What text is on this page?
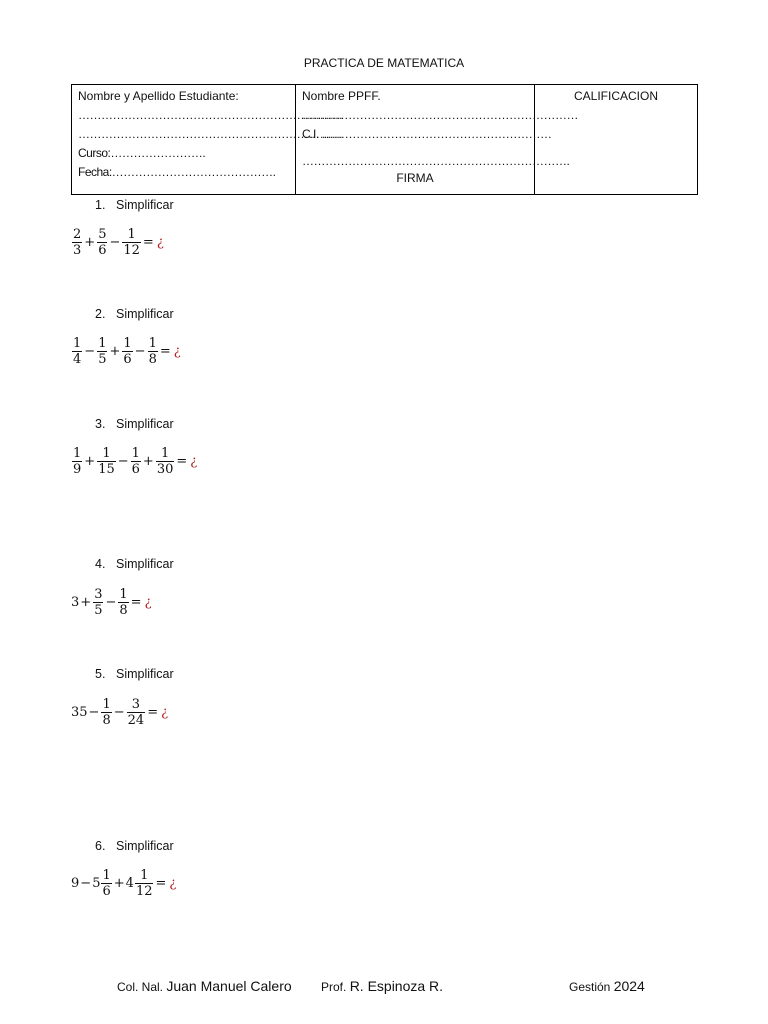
PRACTICA DE MATEMATICA
Nombre y Apellido Estudiante:
……………………………………………………………
……………………………………………………………
Curso:…………………….
Fecha:…………………………………….

Nombre PPFF.
………………………………………………………………
C.I. ……………………………………………………
…………………………………………………………….
FIRMA

CALIFICACION
1. Simplificar
$\frac{2}{3} + \frac{5}{6} - \frac{1}{12}$ = ¿
2. Simplificar
$\frac{1}{4} - \frac{1}{5} + \frac{1}{6} - \frac{1}{8}$ = ¿
3. Simplificar
$\frac{1}{9} + \frac{1}{15} - \frac{1}{6} + \frac{1}{30}$ = ¿
4. Simplificar
$3 + \frac{3}{5} - \frac{1}{8}$ = ¿
5. Simplificar
$35 - \frac{1}{8} - \frac{3}{24}$ = ¿
6. Simplificar
$9 - 5 \frac{1}{6} + 4 \frac{1}{12}$ = ¿
Col. Nal. Juan Manuel Calero Prof. R. Espinoza R.	Gestión 2024
